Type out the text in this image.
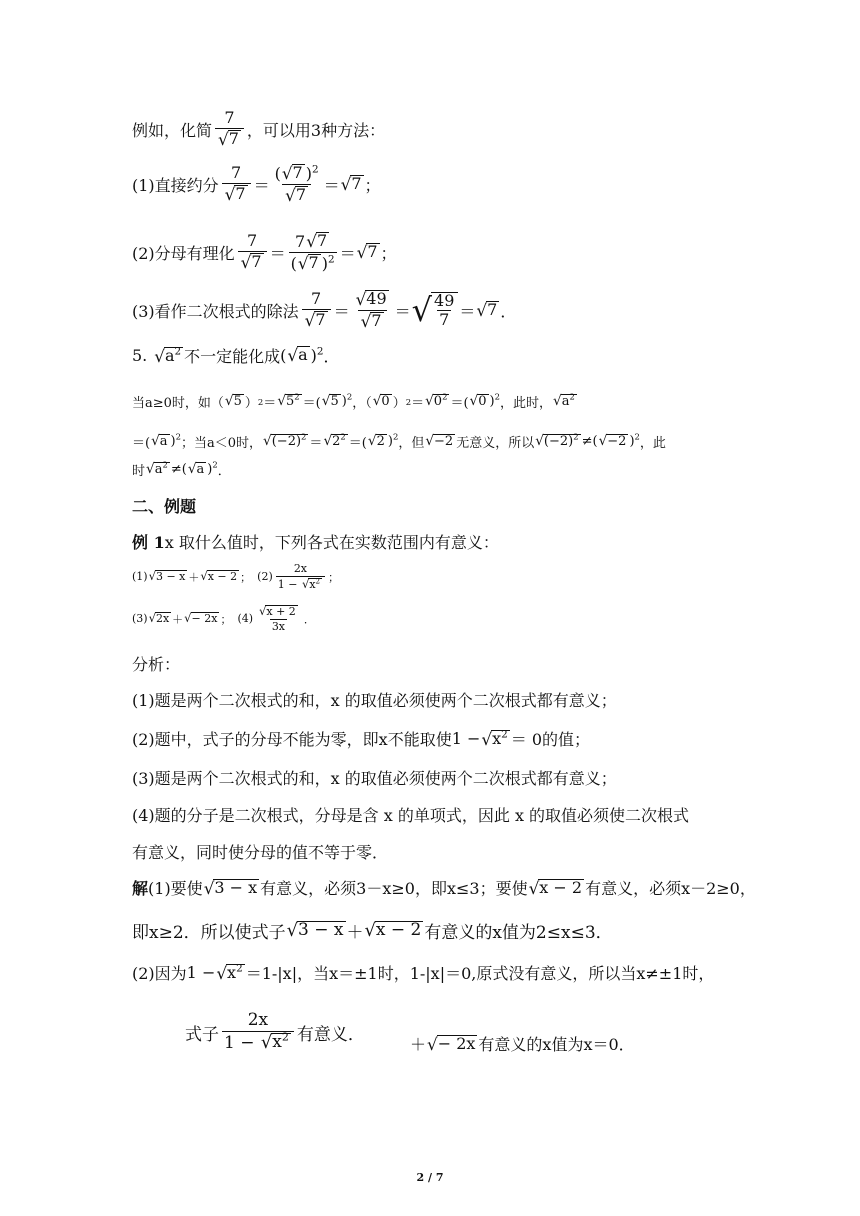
例如，化简 $\frac{7}{√ 7}$ ，可以用3种方法：
(1)直接约分 $\frac{7}{√ 7} = \frac{( √ 7 )^2}{√ 7}$ ＝ √ 7 ；
(2)分母有理化 $\frac{7}{√ 7} = \frac{7 √ 7}{( √ 7 )^2}$ ＝ √ 7 ；
(3)看作二次根式的除法 $\frac{7}{√ 7} = \frac{√ 49}{√ 7}$ ＝ √ $\frac{49}{7}$ ＝ √ 7 ．
5. √ $a^2$ 不一定能化成 ( √ a )$^2$ ．
当a≥0时，如（ √ 5 ） 2 ＝ √ $5^2$ ＝( √ 5 )$^2$ ，（ √ 0 ） 2 ＝ √ $0^2$ ＝( √ 0 )$^2$ ，此时， √ $a^2$
＝( √ a )$^2$ ；当a＜0时， √ $(-2)^2$ ＝ √ $2^2$ ＝( √ 2 )$^2$ ，但 √ −2 无意义，所以 √ $(-2)^2$ ≠( √ −2 )$^2$ ，此
时 √ $a^2$ ≠( √ a )$^2$ ．
二、例题
例 1 x 取什么值时，下列各式在实数范围内有意义：
(1) √ 3 − x ＋ √ x − 2 ； $(2) \frac{2x}{1 - √ x^2}$ ；
(3) √ 2x ＋ √ − 2x ； $(4) \frac{√ x + 2}{3x}$ ．
分析：
(1)题是两个二次根式的和，x 的取值必须使两个二次根式都有意义；
(2)题中，式子的分母不能为零，即x不能取使 1 − √ $x^2 = 0$ 的值；
(3)题是两个二次根式的和，x 的取值必须使两个二次根式都有意义；
(4)题的分子是二次根式，分母是含 x 的单项式，因此 x 的取值必须使二次根式
有意义，同时使分母的值不等于零．
解 (1)要使 √ 3 − x 有意义，必须3－x≥0，即x≤3；要使 √ x − 2 有意义，必须x－2≥0，
即x≥2．所以使式子 √ 3 − x ＋ √ x − 2 有意义的x值为2≤x≤3．
(2)因为 1 − √ $x^2 =1-|x|$，当x＝±1时，1-|x|＝0,原式没有意义，所以当x≠±1时，
式子 $\frac{2x}{1 - √ x^2}$ 有意义．	＋ √ − 2x 有意义的x值为x＝0．
2 / 7
